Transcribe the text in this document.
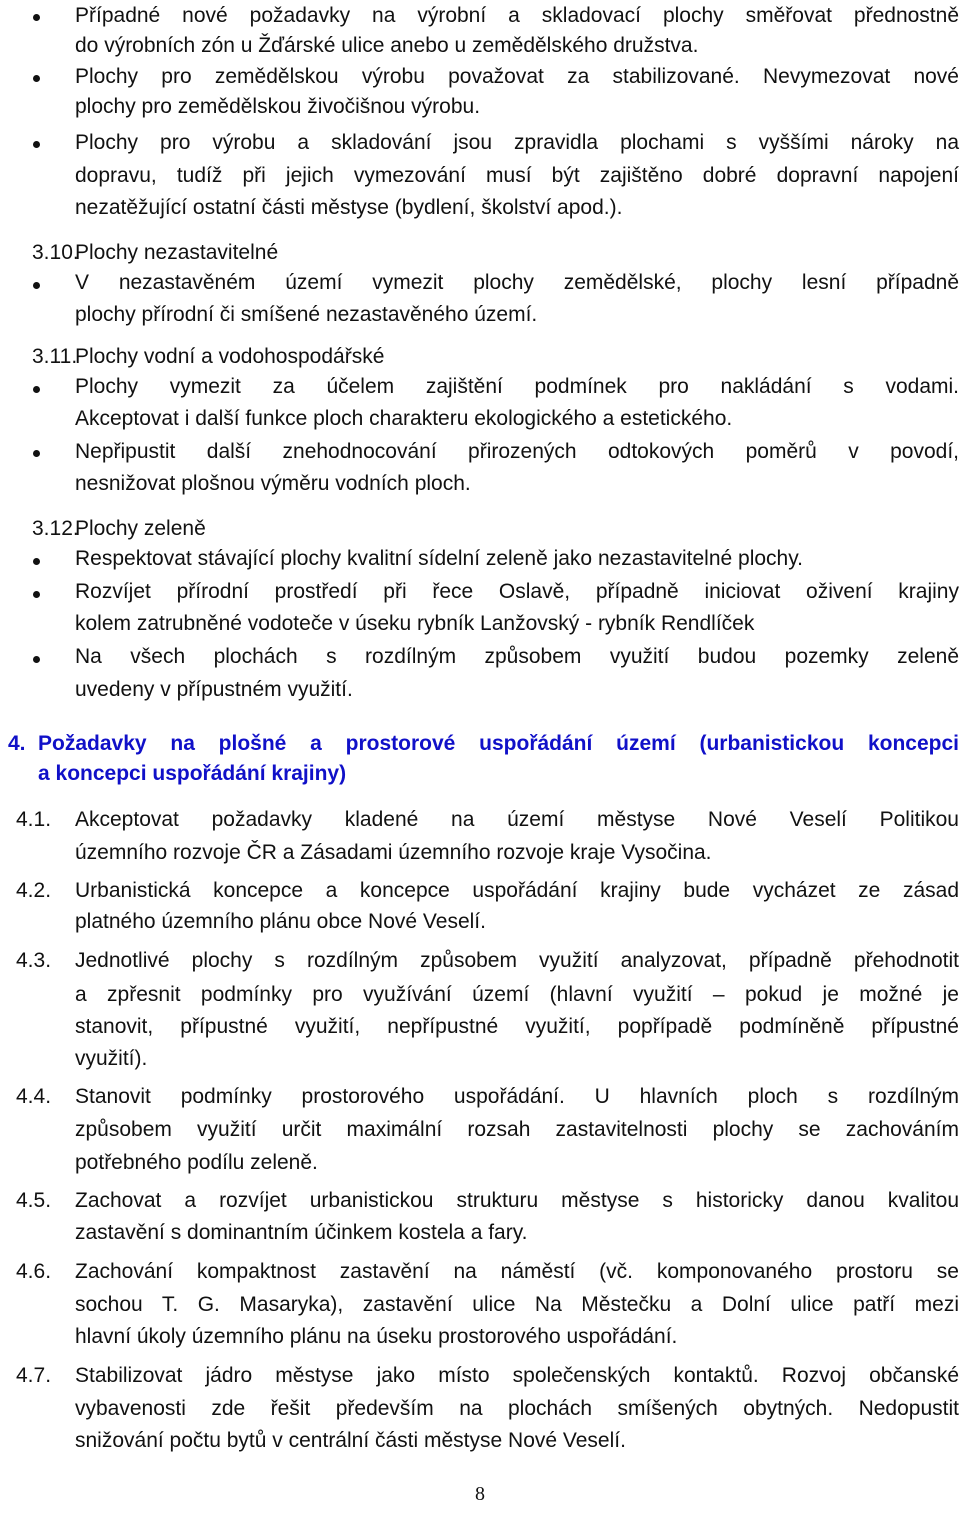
Případné nové požadavky na výrobní a skladovací plochy směřovat přednostně

do výrobních zón u Žďárské ulice anebo u zemědělského družstva.

Plochy pro zemědělskou výrobu považovat za stabilizované. Nevymezovat nové

plochy pro zemědělskou živočišnou výrobu.

Plochy pro výrobu a skladování jsou zpravidla plochami s vyššími nároky na

dopravu, tudíž při jejich vymezování musí být zajištěno dobré dopravní napojení

nezatěžující ostatní části městyse (bydlení, školství apod.).

3.10.

Plochy nezastavitelné

V nezastavěném území vymezit plochy zemědělské, plochy lesní případně

plochy přírodní či smíšené nezastavěného území.

3.11.

Plochy vodní a vodohospodářské

Plochy vymezit za účelem zajištění podmínek pro nakládání s vodami.

Akceptovat i další funkce ploch charakteru ekologického a estetického.

Nepřipustit další znehodnocování přirozených odtokových poměrů v povodí,

nesnižovat plošnou výměru vodních ploch.

3.12.

Plochy zeleně

Respektovat stávající plochy kvalitní sídelní zeleně jako nezastavitelné plochy.

Rozvíjet přírodní prostředí při řece Oslavě, případně iniciovat oživení krajiny

kolem zatrubněné vodoteče v úseku rybník Lanžovský - rybník Rendlíček

Na všech plochách s rozdílným způsobem využití budou pozemky zeleně

uvedeny v přípustném využití.

4. Požadavky na plošné a prostorové uspořádání území (urbanistickou koncepci

a koncepci uspořádání krajiny)

4.1. Akceptovat požadavky kladené na území městyse Nové Veselí Politikou

územního rozvoje ČR a Zásadami územního rozvoje kraje Vysočina.

4.2. Urbanistická koncepce a koncepce uspořádání krajiny bude vycházet ze zásad

platného územního plánu obce Nové Veselí.

4.3. Jednotlivé plochy s rozdílným způsobem využití analyzovat, případně přehodnotit

a zpřesnit podmínky pro využívání území (hlavní využití – pokud je možné je

stanovit, přípustné využití, nepřípustné využití, popřípadě podmíněně přípustné

využití).

4.4. Stanovit podmínky prostorového uspořádání. U hlavních ploch s rozdílným

způsobem využití určit maximální rozsah zastavitelnosti plochy se zachováním

potřebného podílu zeleně.

4.5. Zachovat a rozvíjet urbanistickou strukturu městyse s historicky danou kvalitou

zastavění s dominantním účinkem kostela a fary.

4.6. Zachování kompaktnost zastavění na náměstí (vč. komponovaného prostoru se

sochou T. G. Masaryka), zastavění ulice Na Městečku a Dolní ulice patří mezi

hlavní úkoly územního plánu na úseku prostorového uspořádání.

4.7. Stabilizovat jádro městyse jako místo společenských kontaktů. Rozvoj občanské

vybavenosti zde řešit především na plochách smíšených obytných. Nedopustit

snižování počtu bytů v centrální části městyse Nové Veselí.

8
